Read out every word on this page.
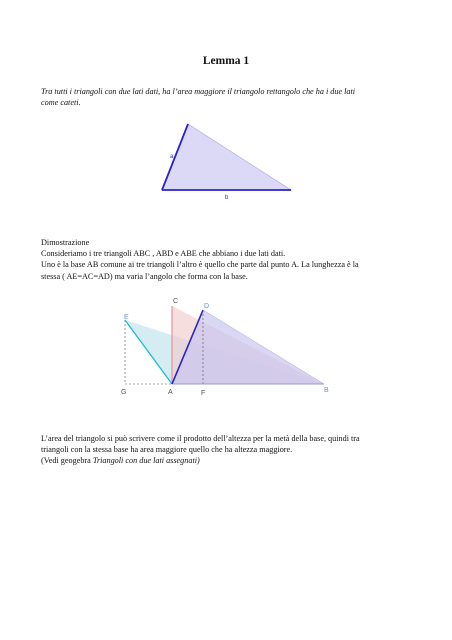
Lemma 1
Tra tutti i triangoli con due lati dati, ha l’area maggiore il triangolo rettangolo che ha i due lati
come cateti.
a
b
Dimostrazione
Consideriamo i tre triangoli ABC , ABD e ABE che abbiano i due lati dati.
Uno è la base AB comune ai tre triangoli l’altro è quello che parte dal punto A. La lunghezza è la
stessa ( AE=AC=AD) ma varia l’angolo che forma con la base.
E
C
D
G	A	F	B
L’area del triangolo si può scrivere come il prodotto dell’altezza per la metà della base, quindi tra
triangoli con la stessa base ha area maggiore quello che ha altezza maggiore.
(Vedi geogebra Triangoli con due lati assegnati)
